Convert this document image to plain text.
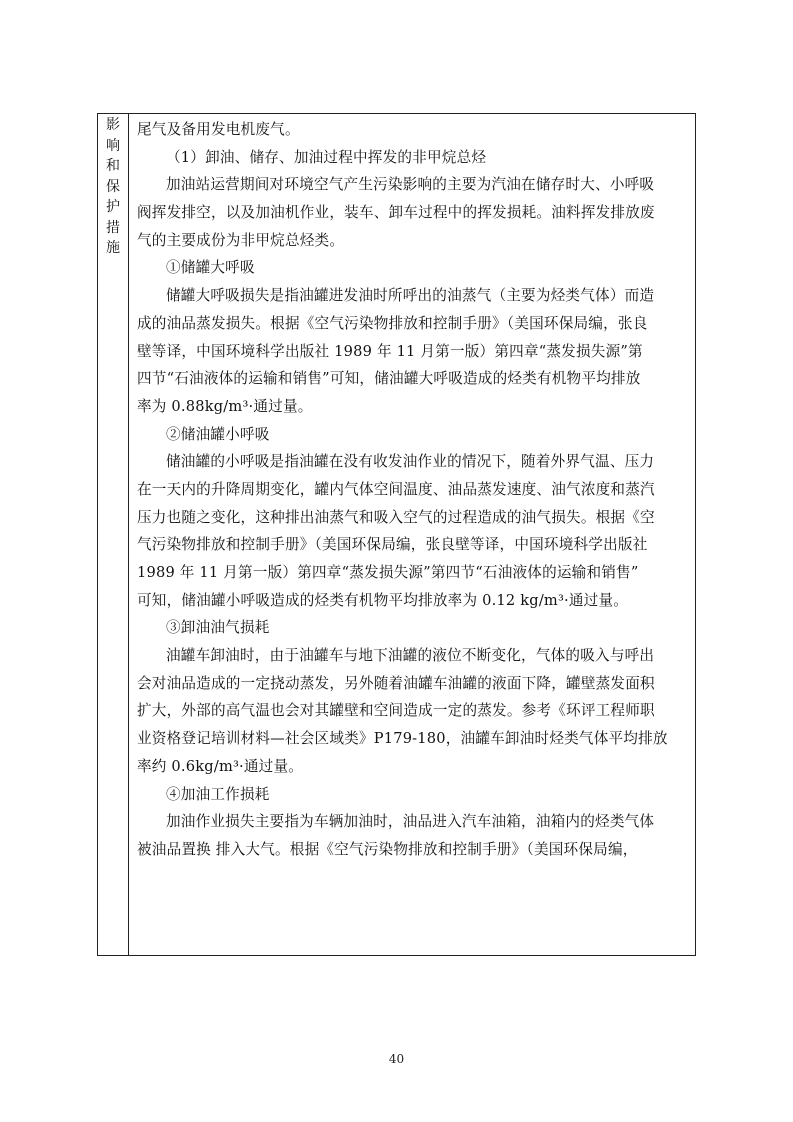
影
响
和
保
护
措
施
尾气及备用发电机废气。
（1）卸油、储存、加油过程中挥发的非甲烷总烃
加油站运营期间对环境空气产生污染影响的主要为汽油在储存时大、小呼吸
阀挥发排空，以及加油机作业，装车、卸车过程中的挥发损耗。油料挥发排放废
气的主要成份为非甲烷总烃类。
①储罐大呼吸
储罐大呼吸损失是指油罐进发油时所呼出的油蒸气（主要为烃类气体）而造
成的油品蒸发损失。根据《空气污染物排放和控制手册》（美国环保局编，张良
壁等译，中国环境科学出版社 1989 年 11 月第一版）第四章“蒸发损失源”第
四节“石油液体的运输和销售”可知，储油罐大呼吸造成的烃类有机物平均排放
率为 0.88kg/m³·通过量。
②储油罐小呼吸
储油罐的小呼吸是指油罐在没有收发油作业的情况下，随着外界气温、压力
在一天内的升降周期变化，罐内气体空间温度、油品蒸发速度、油气浓度和蒸汽
压力也随之变化，这种排出油蒸气和吸入空气的过程造成的油气损失。根据《空
气污染物排放和控制手册》（美国环保局编，张良壁等译，中国环境科学出版社
1989 年 11 月第一版）第四章“蒸发损失源”第四节“石油液体的运输和销售”
可知，储油罐小呼吸造成的烃类有机物平均排放率为 0.12 kg/m³·通过量。
③卸油油气损耗
油罐车卸油时，由于油罐车与地下油罐的液位不断变化，气体的吸入与呼出
会对油品造成的一定挠动蒸发，另外随着油罐车油罐的液面下降，罐壁蒸发面积
扩大，外部的高气温也会对其罐壁和空间造成一定的蒸发。参考《环评工程师职
业资格登记培训材料—社会区域类》P179-180，油罐车卸油时烃类气体平均排放
率约 0.6kg/m³·通过量。
④加油工作损耗
加油作业损失主要指为车辆加油时，油品进入汽车油箱，油箱内的烃类气体
被油品置换 排入大气。根据《空气污染物排放和控制手册》（美国环保局编，
40
